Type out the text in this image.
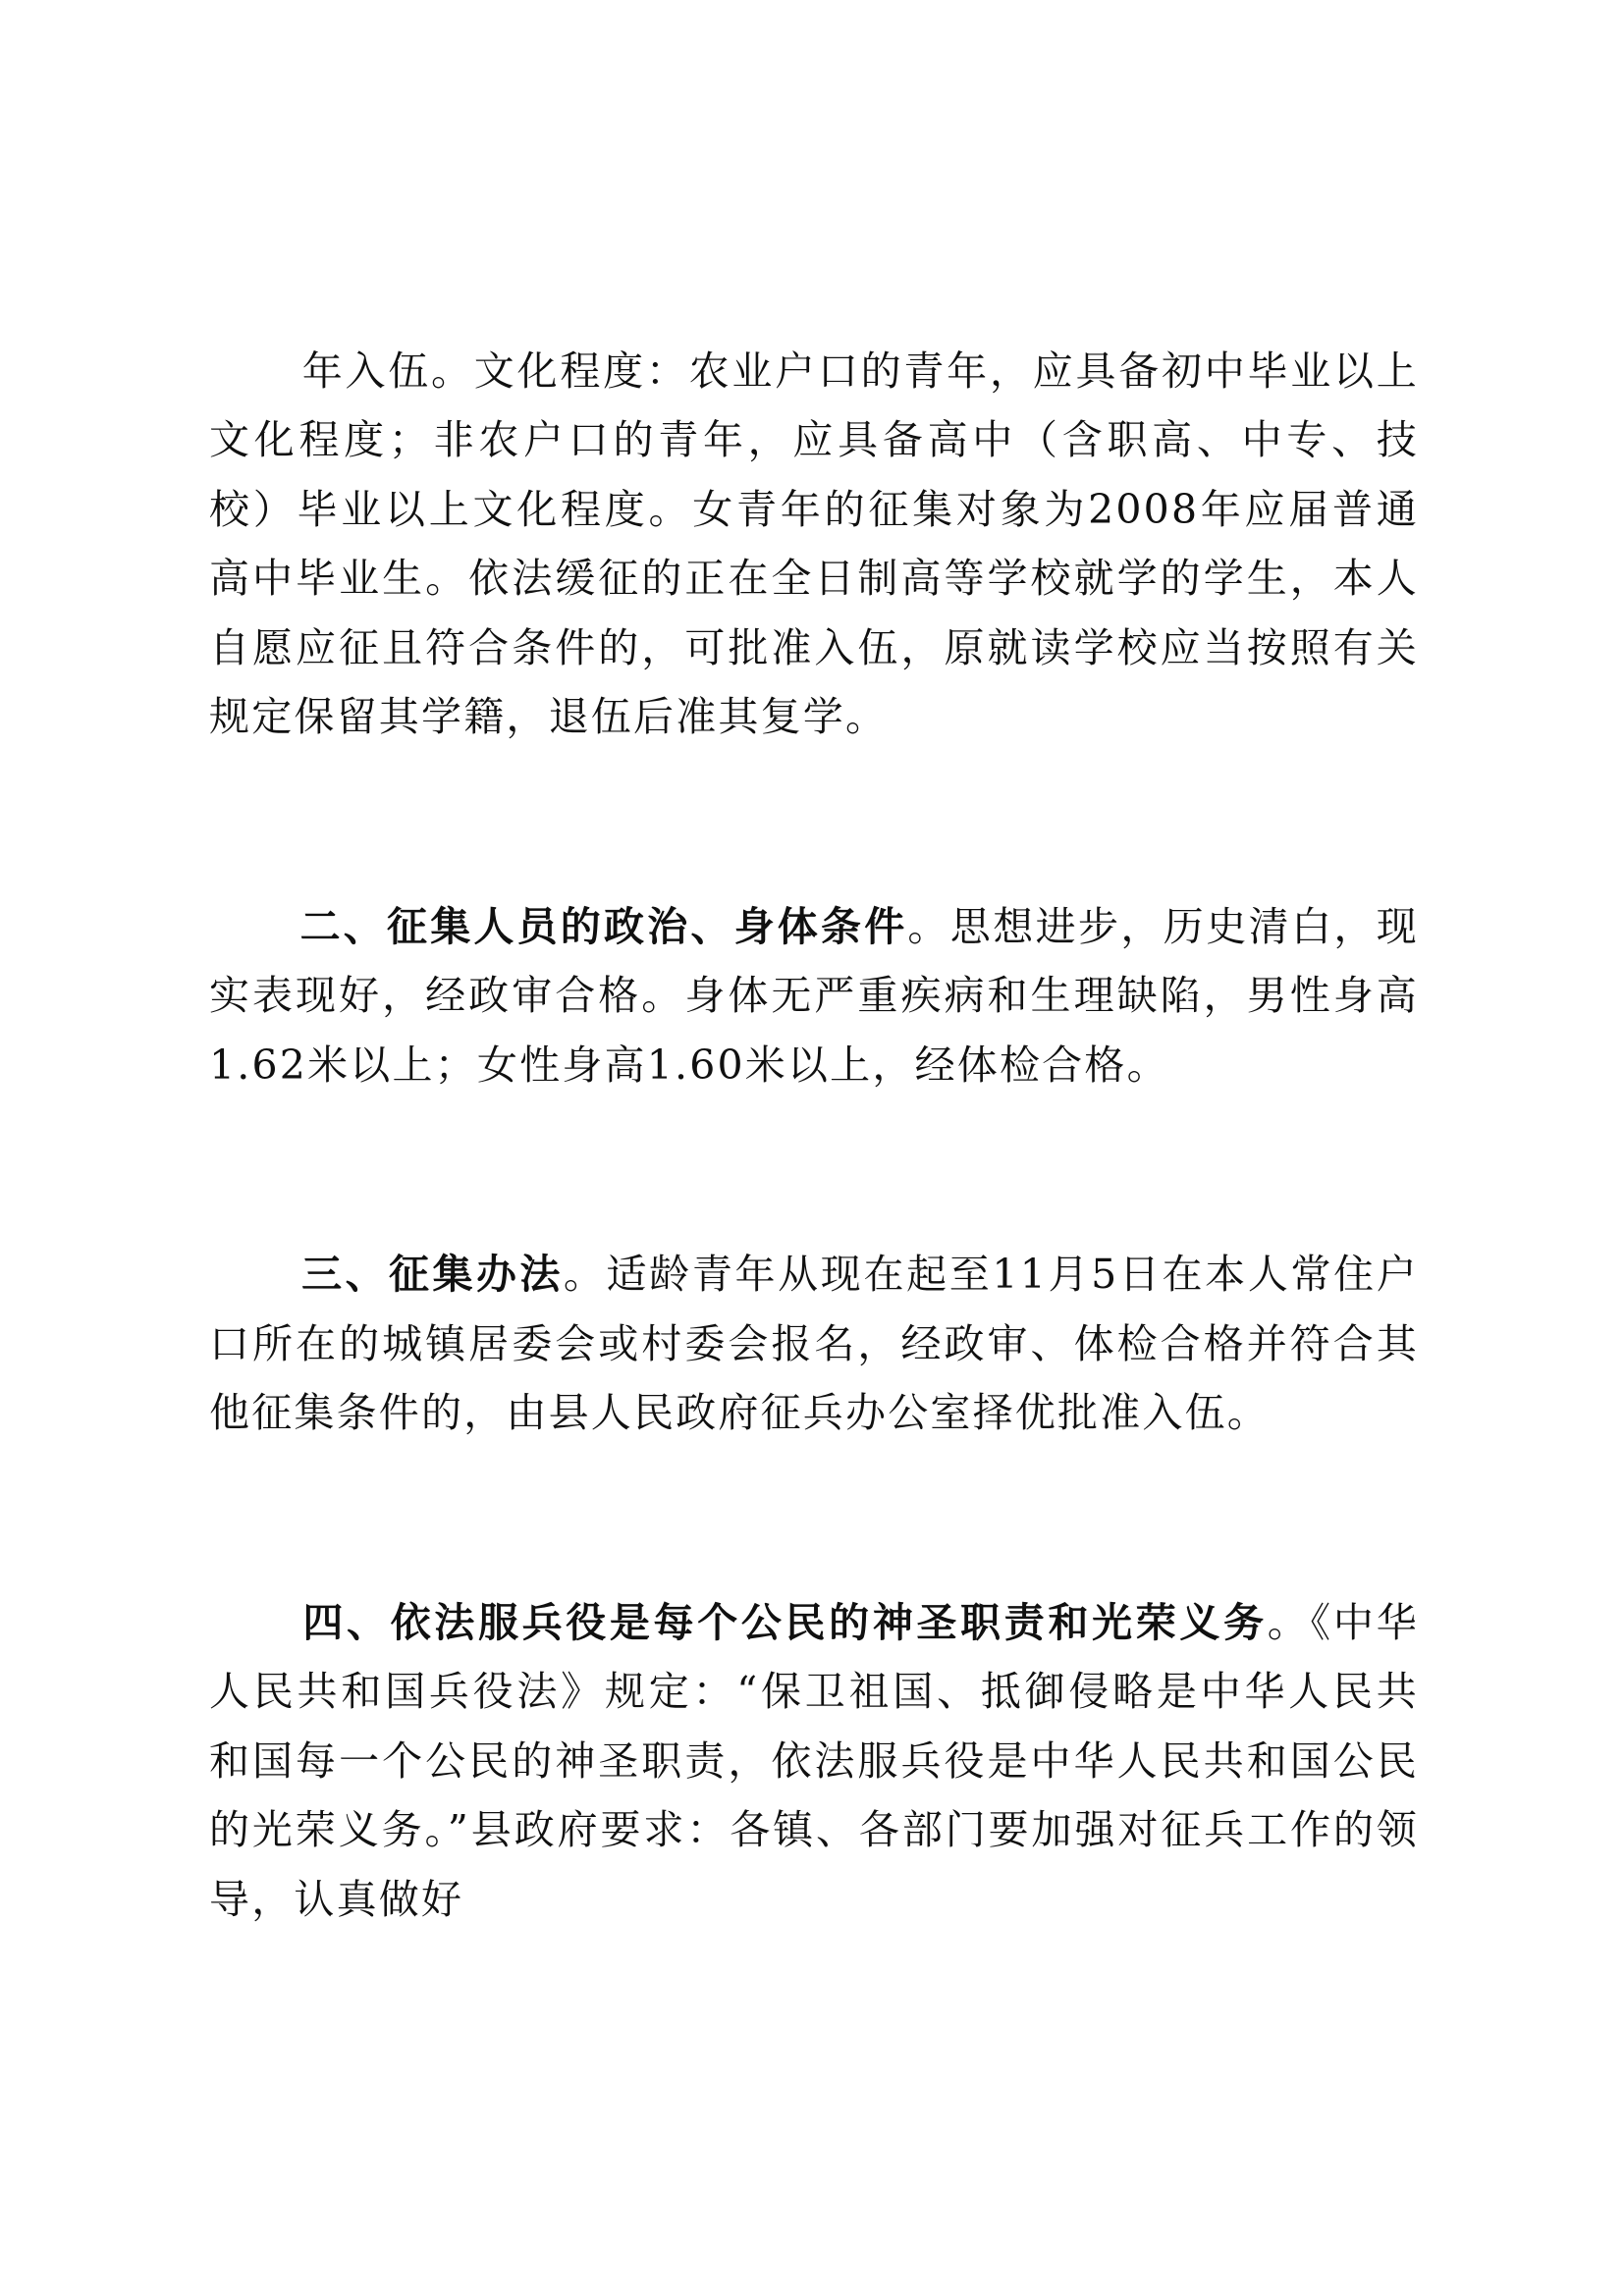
年入伍。文化程度：农业户口的青年，应具备初中毕业以上文化程度；非农户口的青年，应具备高中（含职高、中专、技校）毕业以上文化程度。女青年的征集对象为2008年应届普通高中毕业生。依法缓征的正在全日制高等学校就学的学生，本人自愿应征且符合条件的，可批准入伍，原就读学校应当按照有关规定保留其学籍，退伍后准其复学。

二、征集人员的政治、身体条件。思想进步，历史清白，现实表现好，经政审合格。身体无严重疾病和生理缺陷，男性身高1.62米以上；女性身高1.60米以上，经体检合格。

三、征集办法。适龄青年从现在起至11月5日在本人常住户口所在的城镇居委会或村委会报名，经政审、体检合格并符合其他征集条件的，由县人民政府征兵办公室择优批准入伍。

四、依法服兵役是每个公民的神圣职责和光荣义务。《中华人民共和国兵役法》规定：“保卫祖国、抵御侵略是中华人民共和国每一个公民的神圣职责，依法服兵役是中华人民共和国公民的光荣义务。”县政府要求：各镇、各部门要加强对征兵工作的领导，认真做好
